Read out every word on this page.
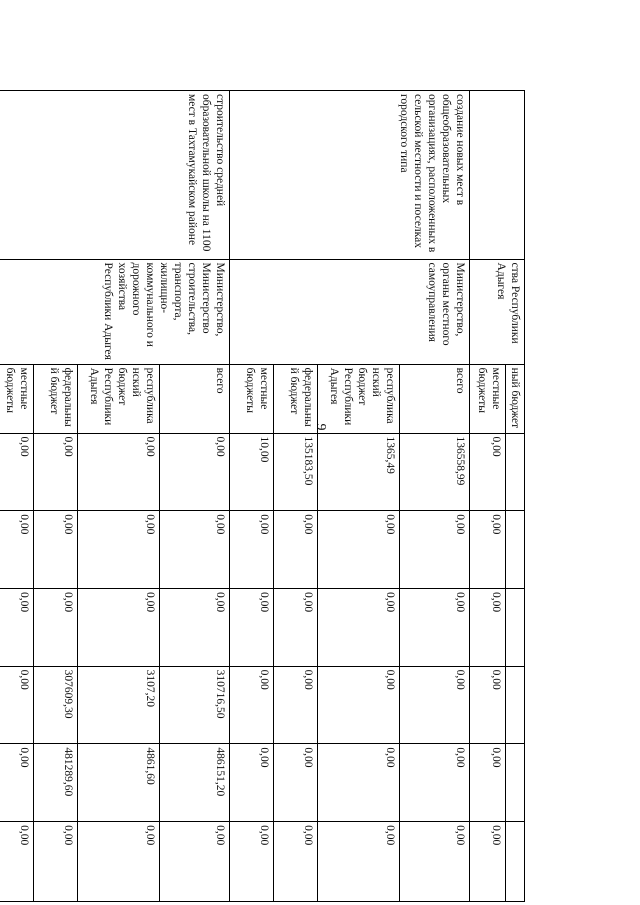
9
	ства Республики Адыгея	ный бюджет						
		местные бюджеты	0,00	0,00	0,00	0,00	0,00	0,00
создание новых мест в общеобразовательных организациях, расположенных в сельской местности и поселках городского типа	Министерство, органы местного самоуправления	всего	136558,99	0,00	0,00	0,00	0,00	0,00
		республиканский бюджет Республики Адыгея	1365,49	0,00	0,00	0,00	0,00	0,00
		федеральный бюджет	135183,50	0,00	0,00	0,00	0,00	0,00
		местные бюджеты	10,00	0,00	0,00	0,00	0,00	0,00
строительство средней образовательной школы на 1100 мест в Тахтамукайском районе	Министерство, Министерство строительства, транспорта, жилищно-коммунального и дорожного хозяйства Республики Адыгея	всего	0,00	0,00	0,00	310716,50	486151,20	0,00
		республиканский бюджет Республики Адыгея	0,00	0,00	0,00	3107,20	4861,60	0,00
		федеральный бюджет	0,00	0,00	0,00	307609,30	481289,60	0,00
		местные бюджеты	0,00	0,00	0,00	0,00	0,00	0,00
